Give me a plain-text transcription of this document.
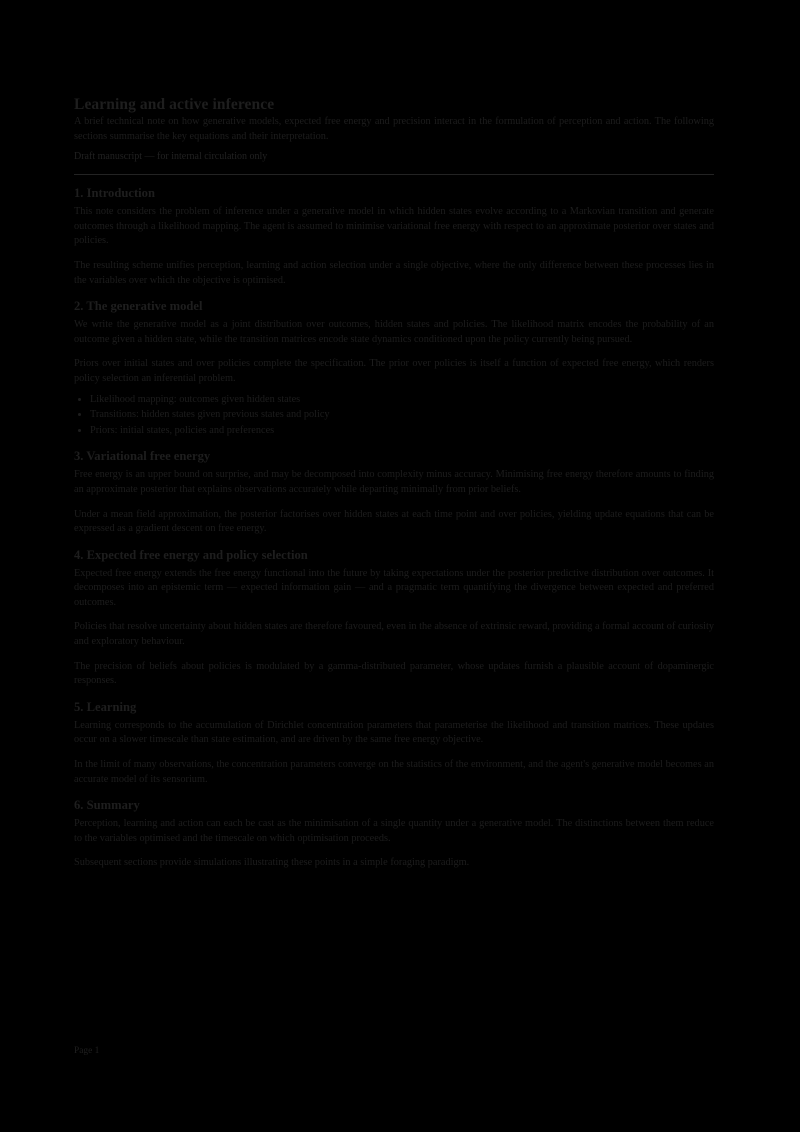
Learning and active inference

A brief technical note on how generative models, expected free energy and precision interact in the formulation of perception and action. The following sections summarise the key equations and their interpretation.

Draft manuscript — for internal circulation only

1. Introduction

This note considers the problem of inference under a generative model in which hidden states evolve according to a Markovian transition and generate outcomes through a likelihood mapping. The agent is assumed to minimise variational free energy with respect to an approximate posterior over states and policies.

The resulting scheme unifies perception, learning and action selection under a single objective, where the only difference between these processes lies in the variables over which the objective is optimised.

2. The generative model

We write the generative model as a joint distribution over outcomes, hidden states and policies. The likelihood matrix encodes the probability of an outcome given a hidden state, while the transition matrices encode state dynamics conditioned upon the policy currently being pursued.

Priors over initial states and over policies complete the specification. The prior over policies is itself a function of expected free energy, which renders policy selection an inferential problem.

• Likelihood mapping: outcomes given hidden states
• Transitions: hidden states given previous states and policy
• Priors: initial states, policies and preferences
3. Variational free energy

Free energy is an upper bound on surprise, and may be decomposed into complexity minus accuracy. Minimising free energy therefore amounts to finding an approximate posterior that explains observations accurately while departing minimally from prior beliefs.

Under a mean field approximation, the posterior factorises over hidden states at each time point and over policies, yielding update equations that can be expressed as a gradient descent on free energy.

4. Expected free energy and policy selection

Expected free energy extends the free energy functional into the future by taking expectations under the posterior predictive distribution over outcomes. It decomposes into an epistemic term — expected information gain — and a pragmatic term quantifying the divergence between expected and preferred outcomes.

Policies that resolve uncertainty about hidden states are therefore favoured, even in the absence of extrinsic reward, providing a formal account of curiosity and exploratory behaviour.

The precision of beliefs about policies is modulated by a gamma-distributed parameter, whose updates furnish a plausible account of dopaminergic responses.

5. Learning

Learning corresponds to the accumulation of Dirichlet concentration parameters that parameterise the likelihood and transition matrices. These updates occur on a slower timescale than state estimation, and are driven by the same free energy objective.

In the limit of many observations, the concentration parameters converge on the statistics of the environment, and the agent's generative model becomes an accurate model of its sensorium.

6. Summary

Perception, learning and action can each be cast as the minimisation of a single quantity under a generative model. The distinctions between them reduce to the variables optimised and the timescale on which optimisation proceeds.

Subsequent sections provide simulations illustrating these points in a simple foraging paradigm.

Page 1
